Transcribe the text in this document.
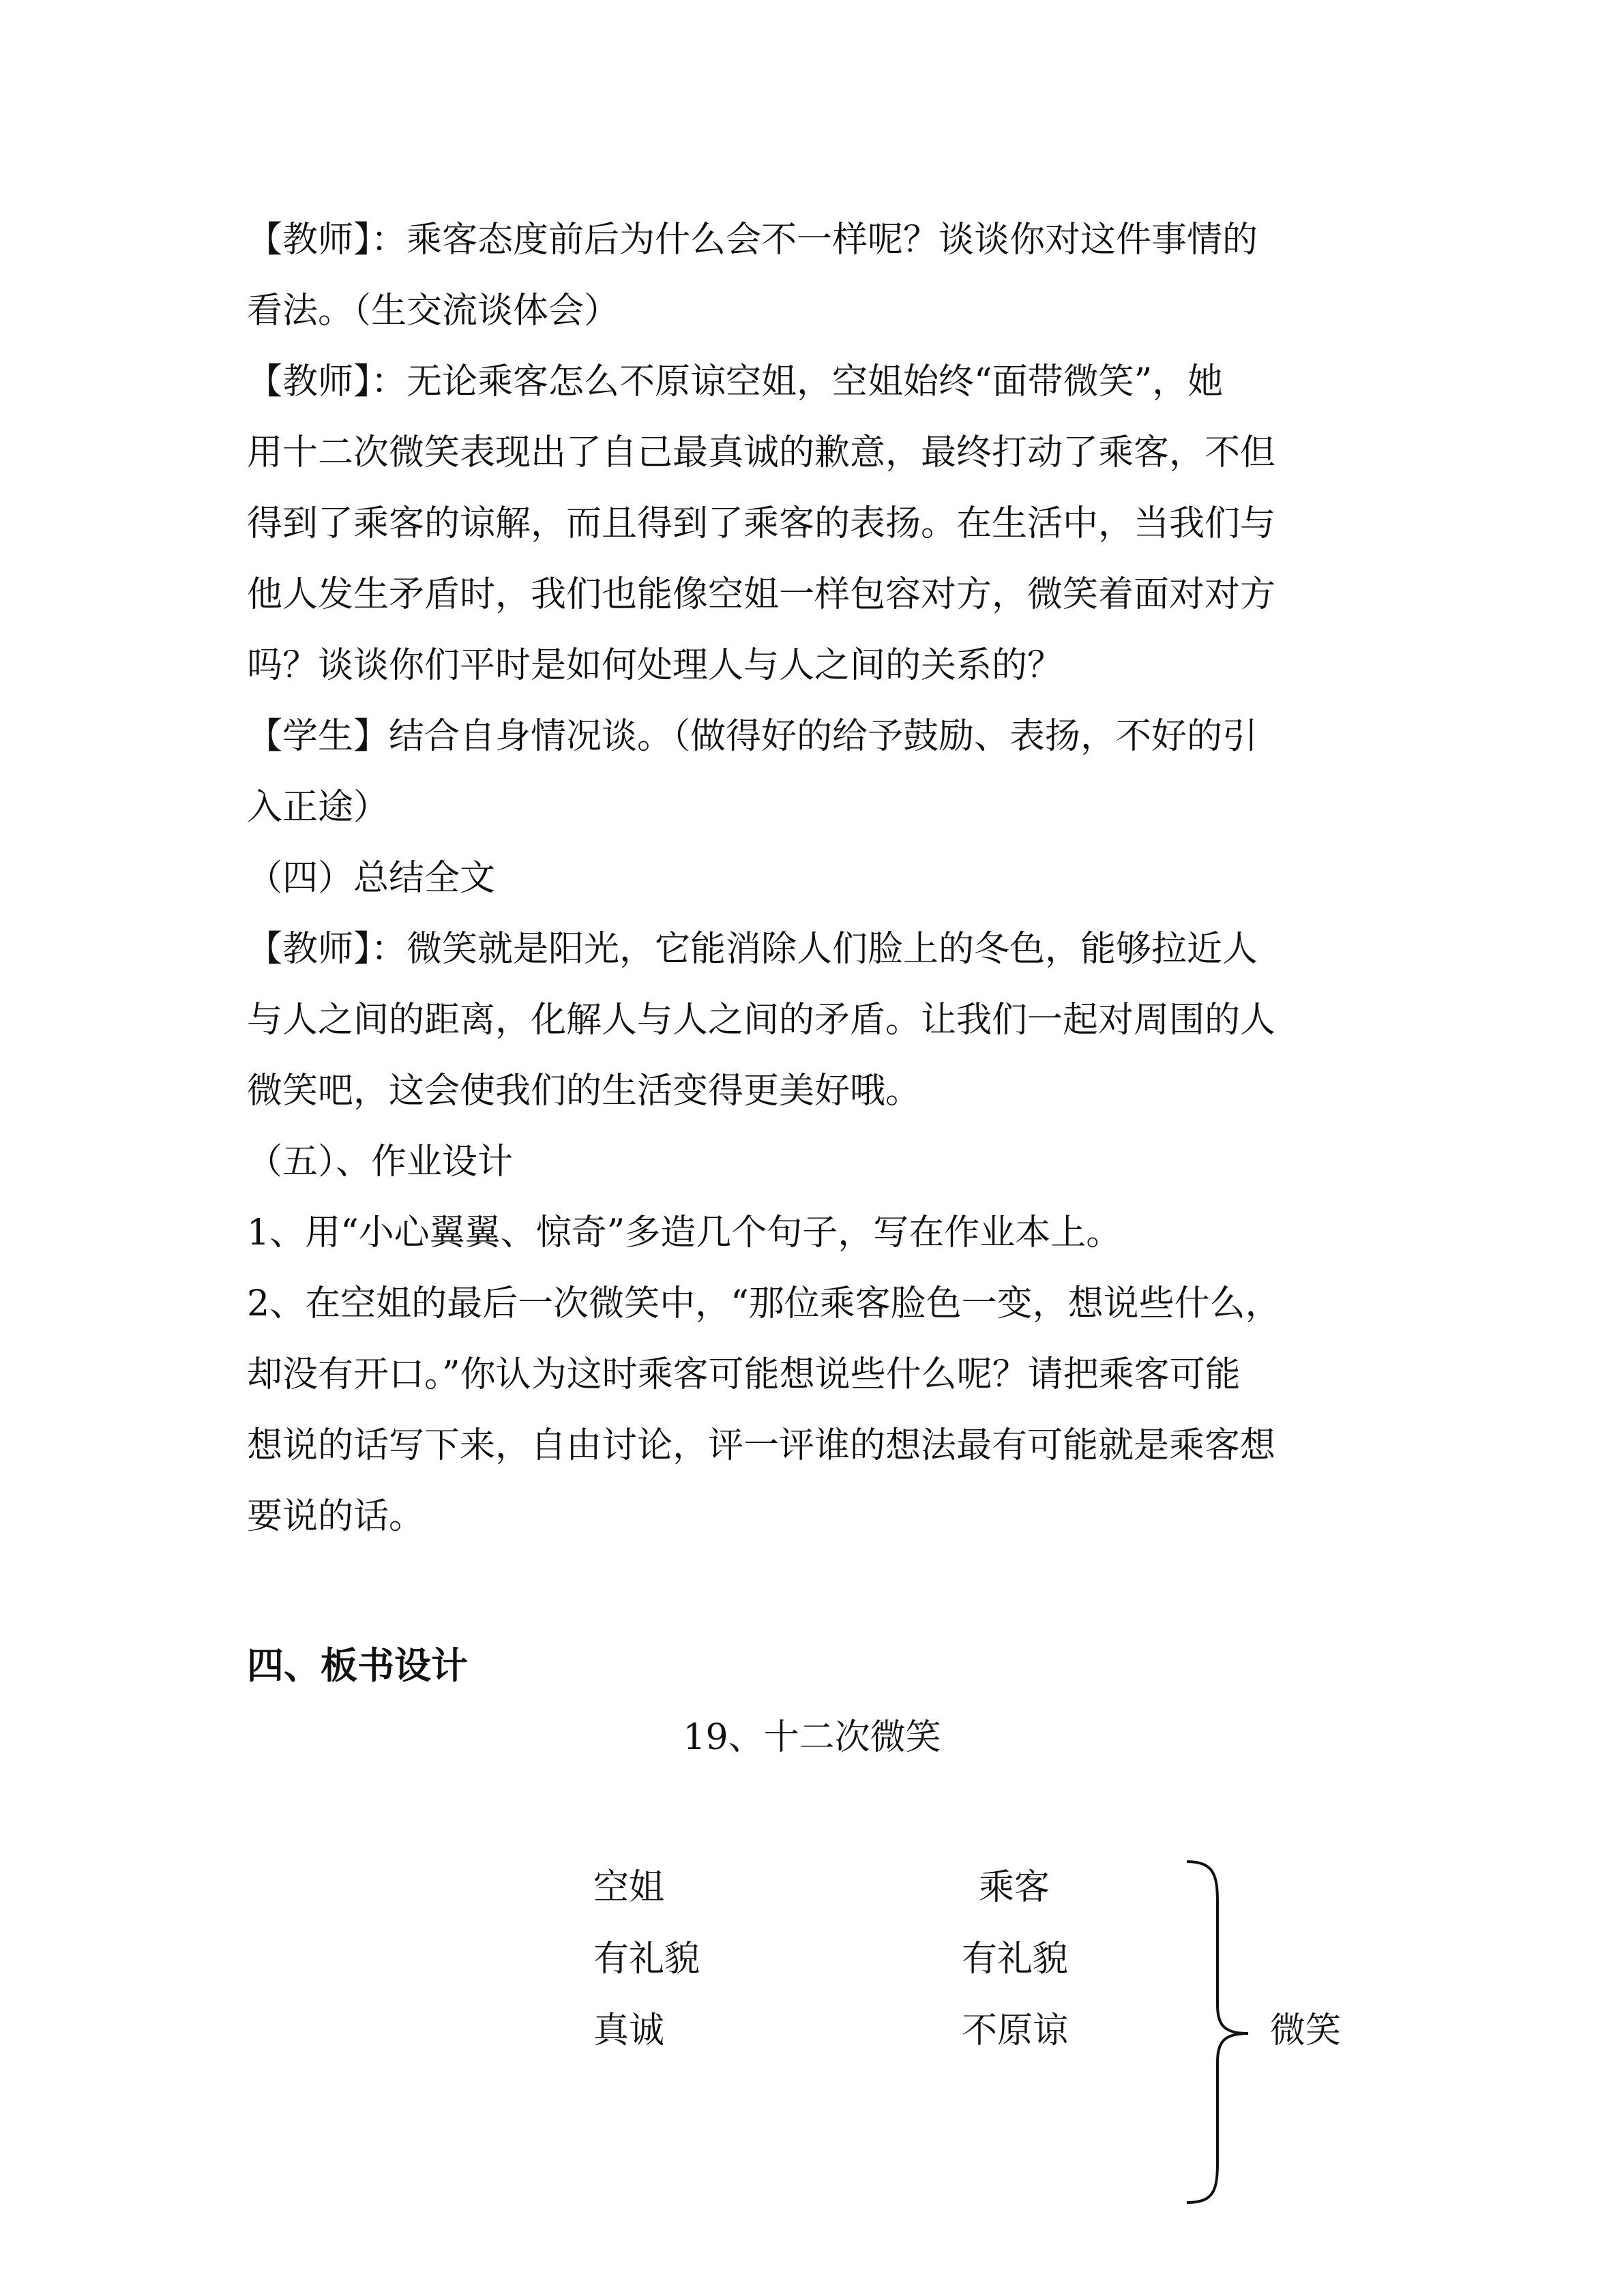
【教师】：乘客态度前后为什么会不一样呢？谈谈你对这件事情的
看法。（生交流谈体会）
【教师】：无论乘客怎么不原谅空姐，空姐始终“面带微笑”，她
用十二次微笑表现出了自己最真诚的歉意，最终打动了乘客，不但
得到了乘客的谅解，而且得到了乘客的表扬。在生活中，当我们与
他人发生矛盾时，我们也能像空姐一样包容对方，微笑着面对对方
吗？谈谈你们平时是如何处理人与人之间的关系的？
【学生】结合自身情况谈。（做得好的给予鼓励、表扬，不好的引
入正途）
（四）总结全文
【教师】：微笑就是阳光，它能消除人们脸上的冬色，能够拉近人
与人之间的距离，化解人与人之间的矛盾。让我们一起对周围的人
微笑吧，这会使我们的生活变得更美好哦。
（五）、作业设计
1、用“小心翼翼、惊奇”多造几个句子，写在作业本上。
2、在空姐的最后一次微笑中，“那位乘客脸色一变，想说些什么，
却没有开口。”你认为这时乘客可能想说些什么呢？请把乘客可能
想说的话写下来，自由讨论，评一评谁的想法最有可能就是乘客想
要说的话。
四、板书设计
19、十二次微笑
空姐
有礼貌
真诚
乘客
有礼貌
不原谅	微笑
